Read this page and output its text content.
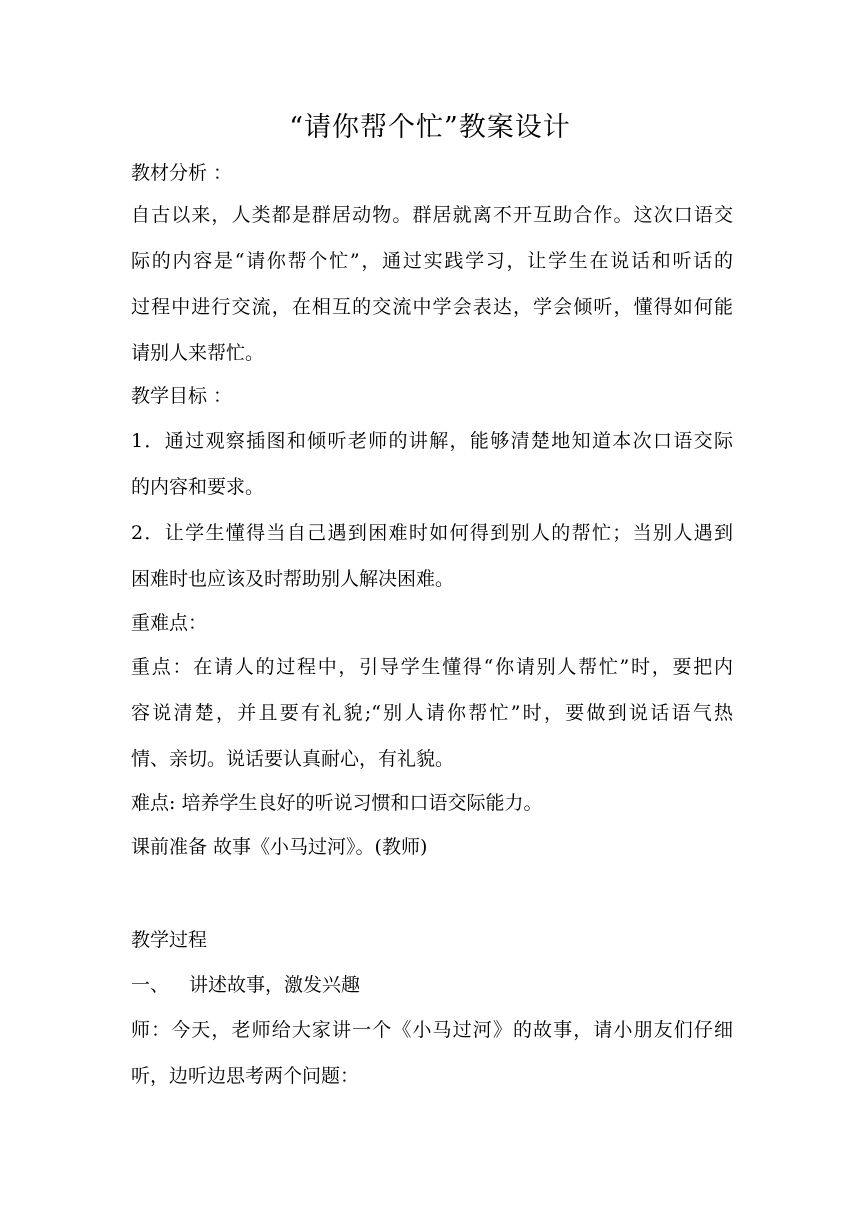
“请你帮个忙”教案设计
教材分析 ：
自古以来，人类都是群居动物。群居就离不开互助合作。这次口语交
际的内容是“请你帮个忙”，通过实践学习，让学生在说话和听话的
过程中进行交流，在相互的交流中学会表达，学会倾听，懂得如何能
请别人来帮忙。
教学目标 ：
1．通过观察插图和倾听老师的讲解，能够清楚地知道本次口语交际
的内容和要求。
2．让学生懂得当自己遇到困难时如何得到别人的帮忙；当别人遇到
困难时也应该及时帮助别人解决困难。
重难点：
重点：在请人的过程中，引导学生懂得“你请别人帮忙”时，要把内
容说清楚，并且要有礼貌;“别人请你帮忙”时，要做到说话语气热
情、亲切。说话要认真耐心，有礼貌。
难点: 培养学生良好的听说习惯和口语交际能力。
课前准备 故事《小马过河》。(教师)
教学过程
一、 讲述故事，激发兴趣
师：今天，老师给大家讲一个《小马过河》的故事，请小朋友们仔细
听，边听边思考两个问题：
